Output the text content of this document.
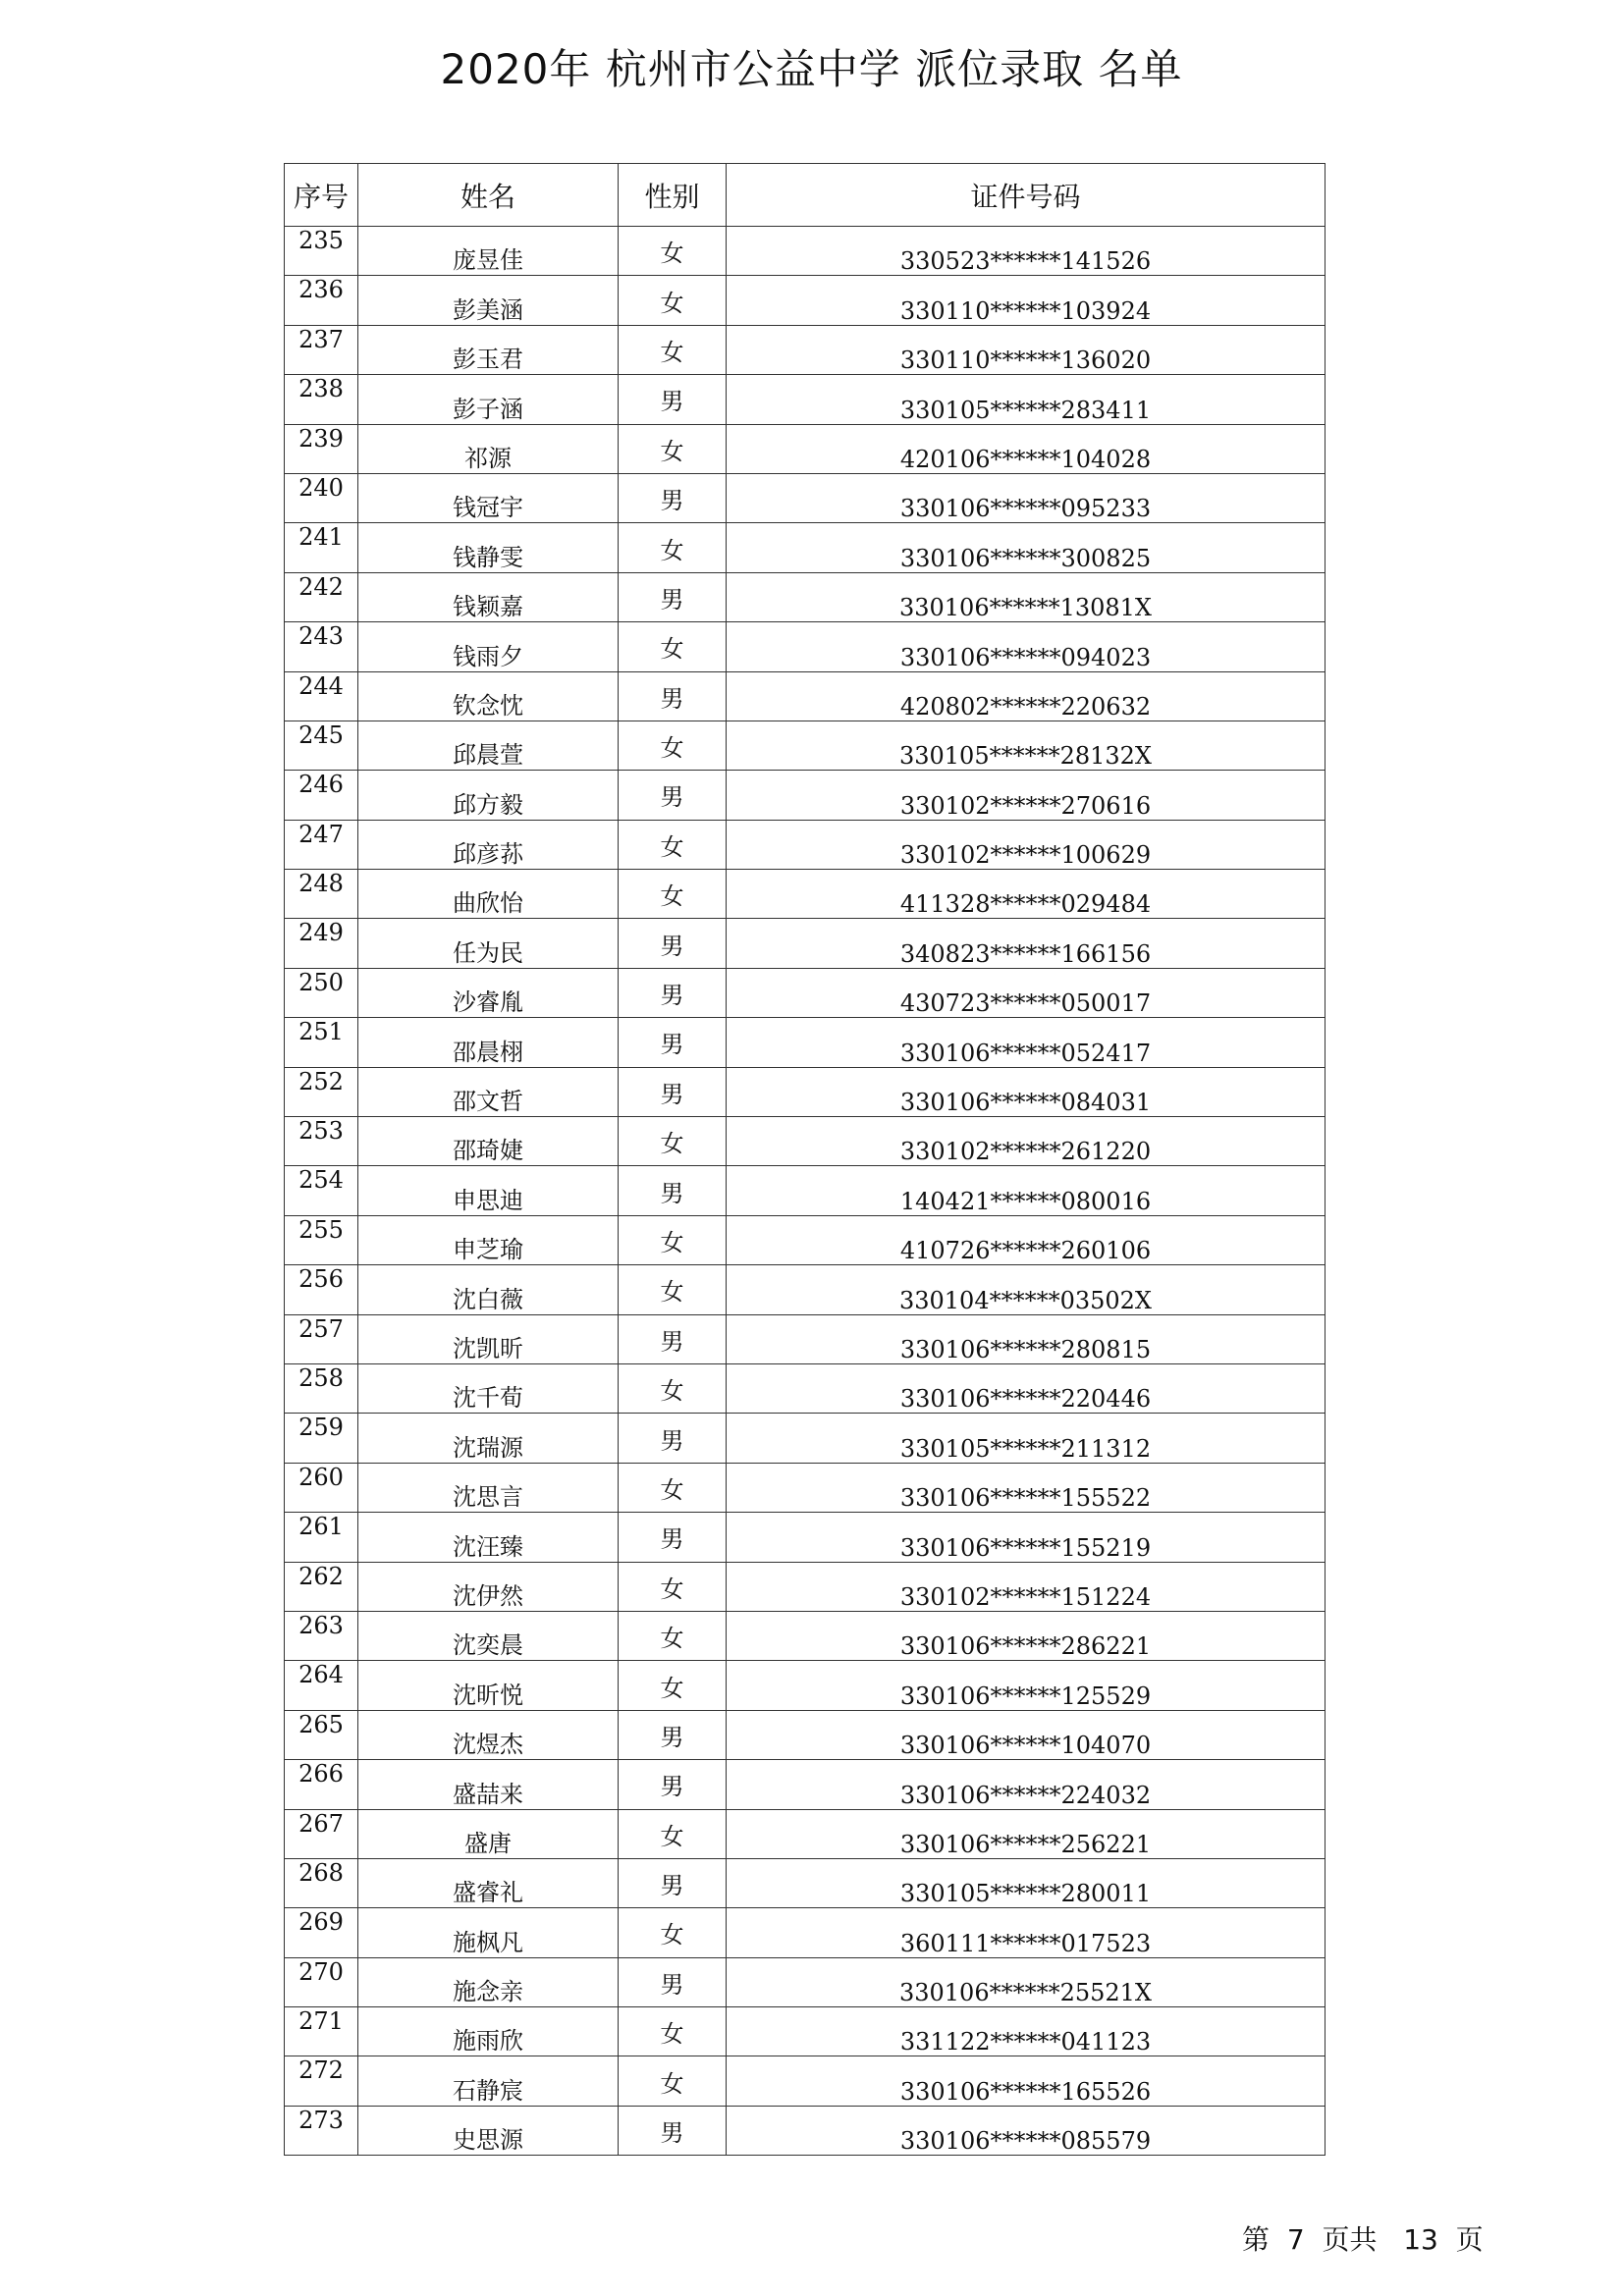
2020年 杭州市公益中学 派位录取 名单
序号	姓名	性别	证件号码
235	庞昱佳	女	330523******141526
236	彭美涵	女	330110******103924
237	彭玉君	女	330110******136020
238	彭子涵	男	330105******283411
239	祁源	女	420106******104028
240	钱冠宇	男	330106******095233
241	钱静雯	女	330106******300825
242	钱颖嘉	男	330106******13081X
243	钱雨夕	女	330106******094023
244	钦念忱	男	420802******220632
245	邱晨萱	女	330105******28132X
246	邱方毅	男	330102******270616
247	邱彦荪	女	330102******100629
248	曲欣怡	女	411328******029484
249	任为民	男	340823******166156
250	沙睿胤	男	430723******050017
251	邵晨栩	男	330106******052417
252	邵文哲	男	330106******084031
253	邵琦婕	女	330102******261220
254	申思迪	男	140421******080016
255	申芝瑜	女	410726******260106
256	沈白薇	女	330104******03502X
257	沈凯昕	男	330106******280815
258	沈千荀	女	330106******220446
259	沈瑞源	男	330105******211312
260	沈思言	女	330106******155522
261	沈汪臻	男	330106******155219
262	沈伊然	女	330102******151224
263	沈奕晨	女	330106******286221
264	沈昕悦	女	330106******125529
265	沈煜杰	男	330106******104070
266	盛喆来	男	330106******224032
267	盛唐	女	330106******256221
268	盛睿礼	男	330105******280011
269	施枫凡	女	360111******017523
270	施念亲	男	330106******25521X
271	施雨欣	女	331122******041123
272	石静宸	女	330106******165526
273	史思源	男	330106******085579
第 7 页共 13 页
